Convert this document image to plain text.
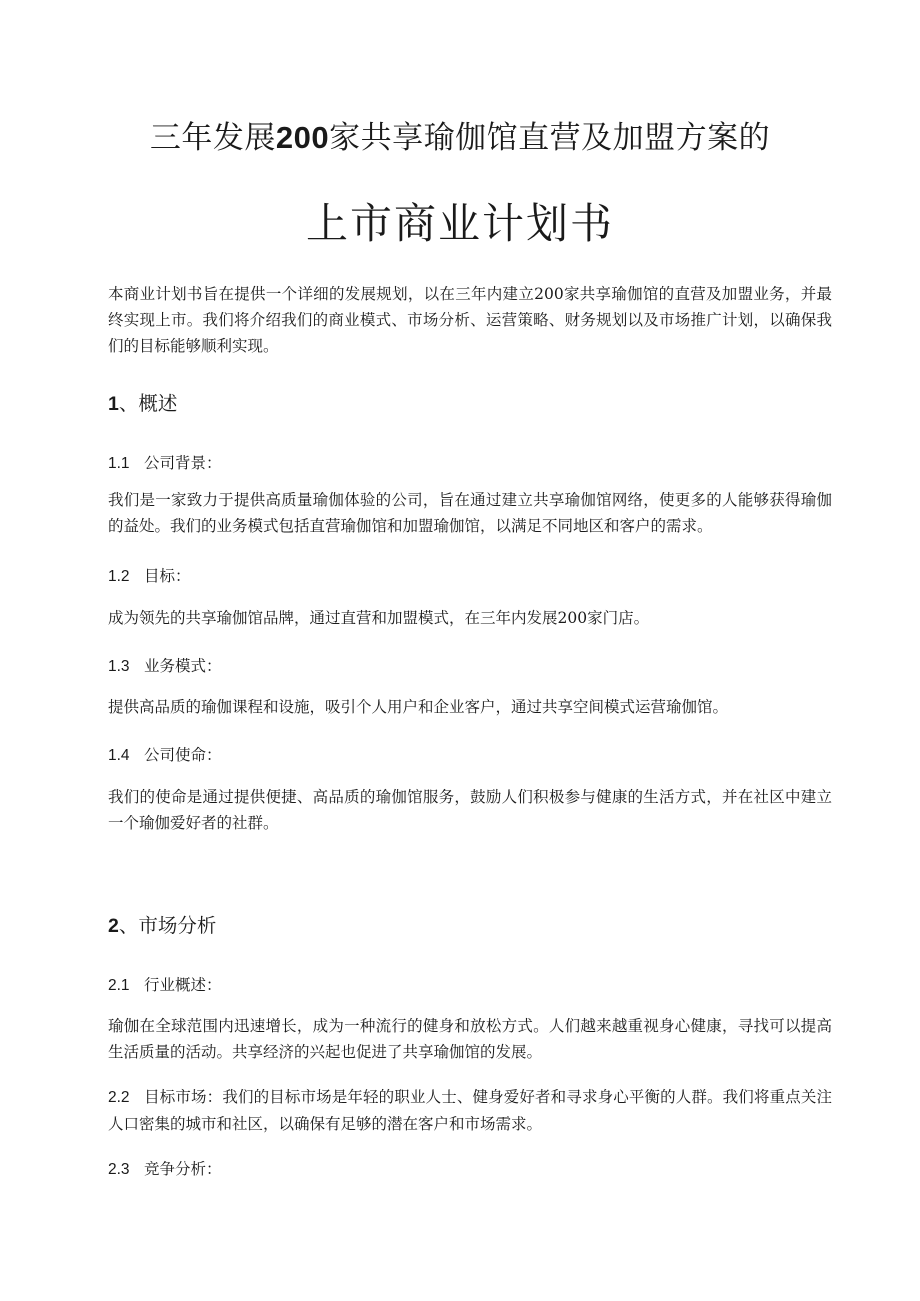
三年发展200家共享瑜伽馆直营及加盟方案的
上市商业计划书
本商业计划书旨在提供一个详细的发展规划，以在三年内建立200家共享瑜伽馆的直营及加盟业务，并最终实现上市。我们将介绍我们的商业模式、市场分析、运营策略、财务规划以及市场推广计划，以确保我们的目标能够顺利实现。
1、概述
1.1 公司背景：
我们是一家致力于提供高质量瑜伽体验的公司，旨在通过建立共享瑜伽馆网络，使更多的人能够获得瑜伽的益处。我们的业务模式包括直营瑜伽馆和加盟瑜伽馆，以满足不同地区和客户的需求。
1.2 目标：
成为领先的共享瑜伽馆品牌，通过直营和加盟模式，在三年内发展200家门店。
1.3 业务模式：
提供高品质的瑜伽课程和设施，吸引个人用户和企业客户，通过共享空间模式运营瑜伽馆。
1.4 公司使命：
我们的使命是通过提供便捷、高品质的瑜伽馆服务，鼓励人们积极参与健康的生活方式，并在社区中建立一个瑜伽爱好者的社群。
2、市场分析
2.1 行业概述：
瑜伽在全球范围内迅速增长，成为一种流行的健身和放松方式。人们越来越重视身心健康，寻找可以提高生活质量的活动。共享经济的兴起也促进了共享瑜伽馆的发展。
2.2 目标市场：我们的目标市场是年轻的职业人士、健身爱好者和寻求身心平衡的人群。我们将重点关注人口密集的城市和社区，以确保有足够的潜在客户和市场需求。
2.3 竞争分析：
